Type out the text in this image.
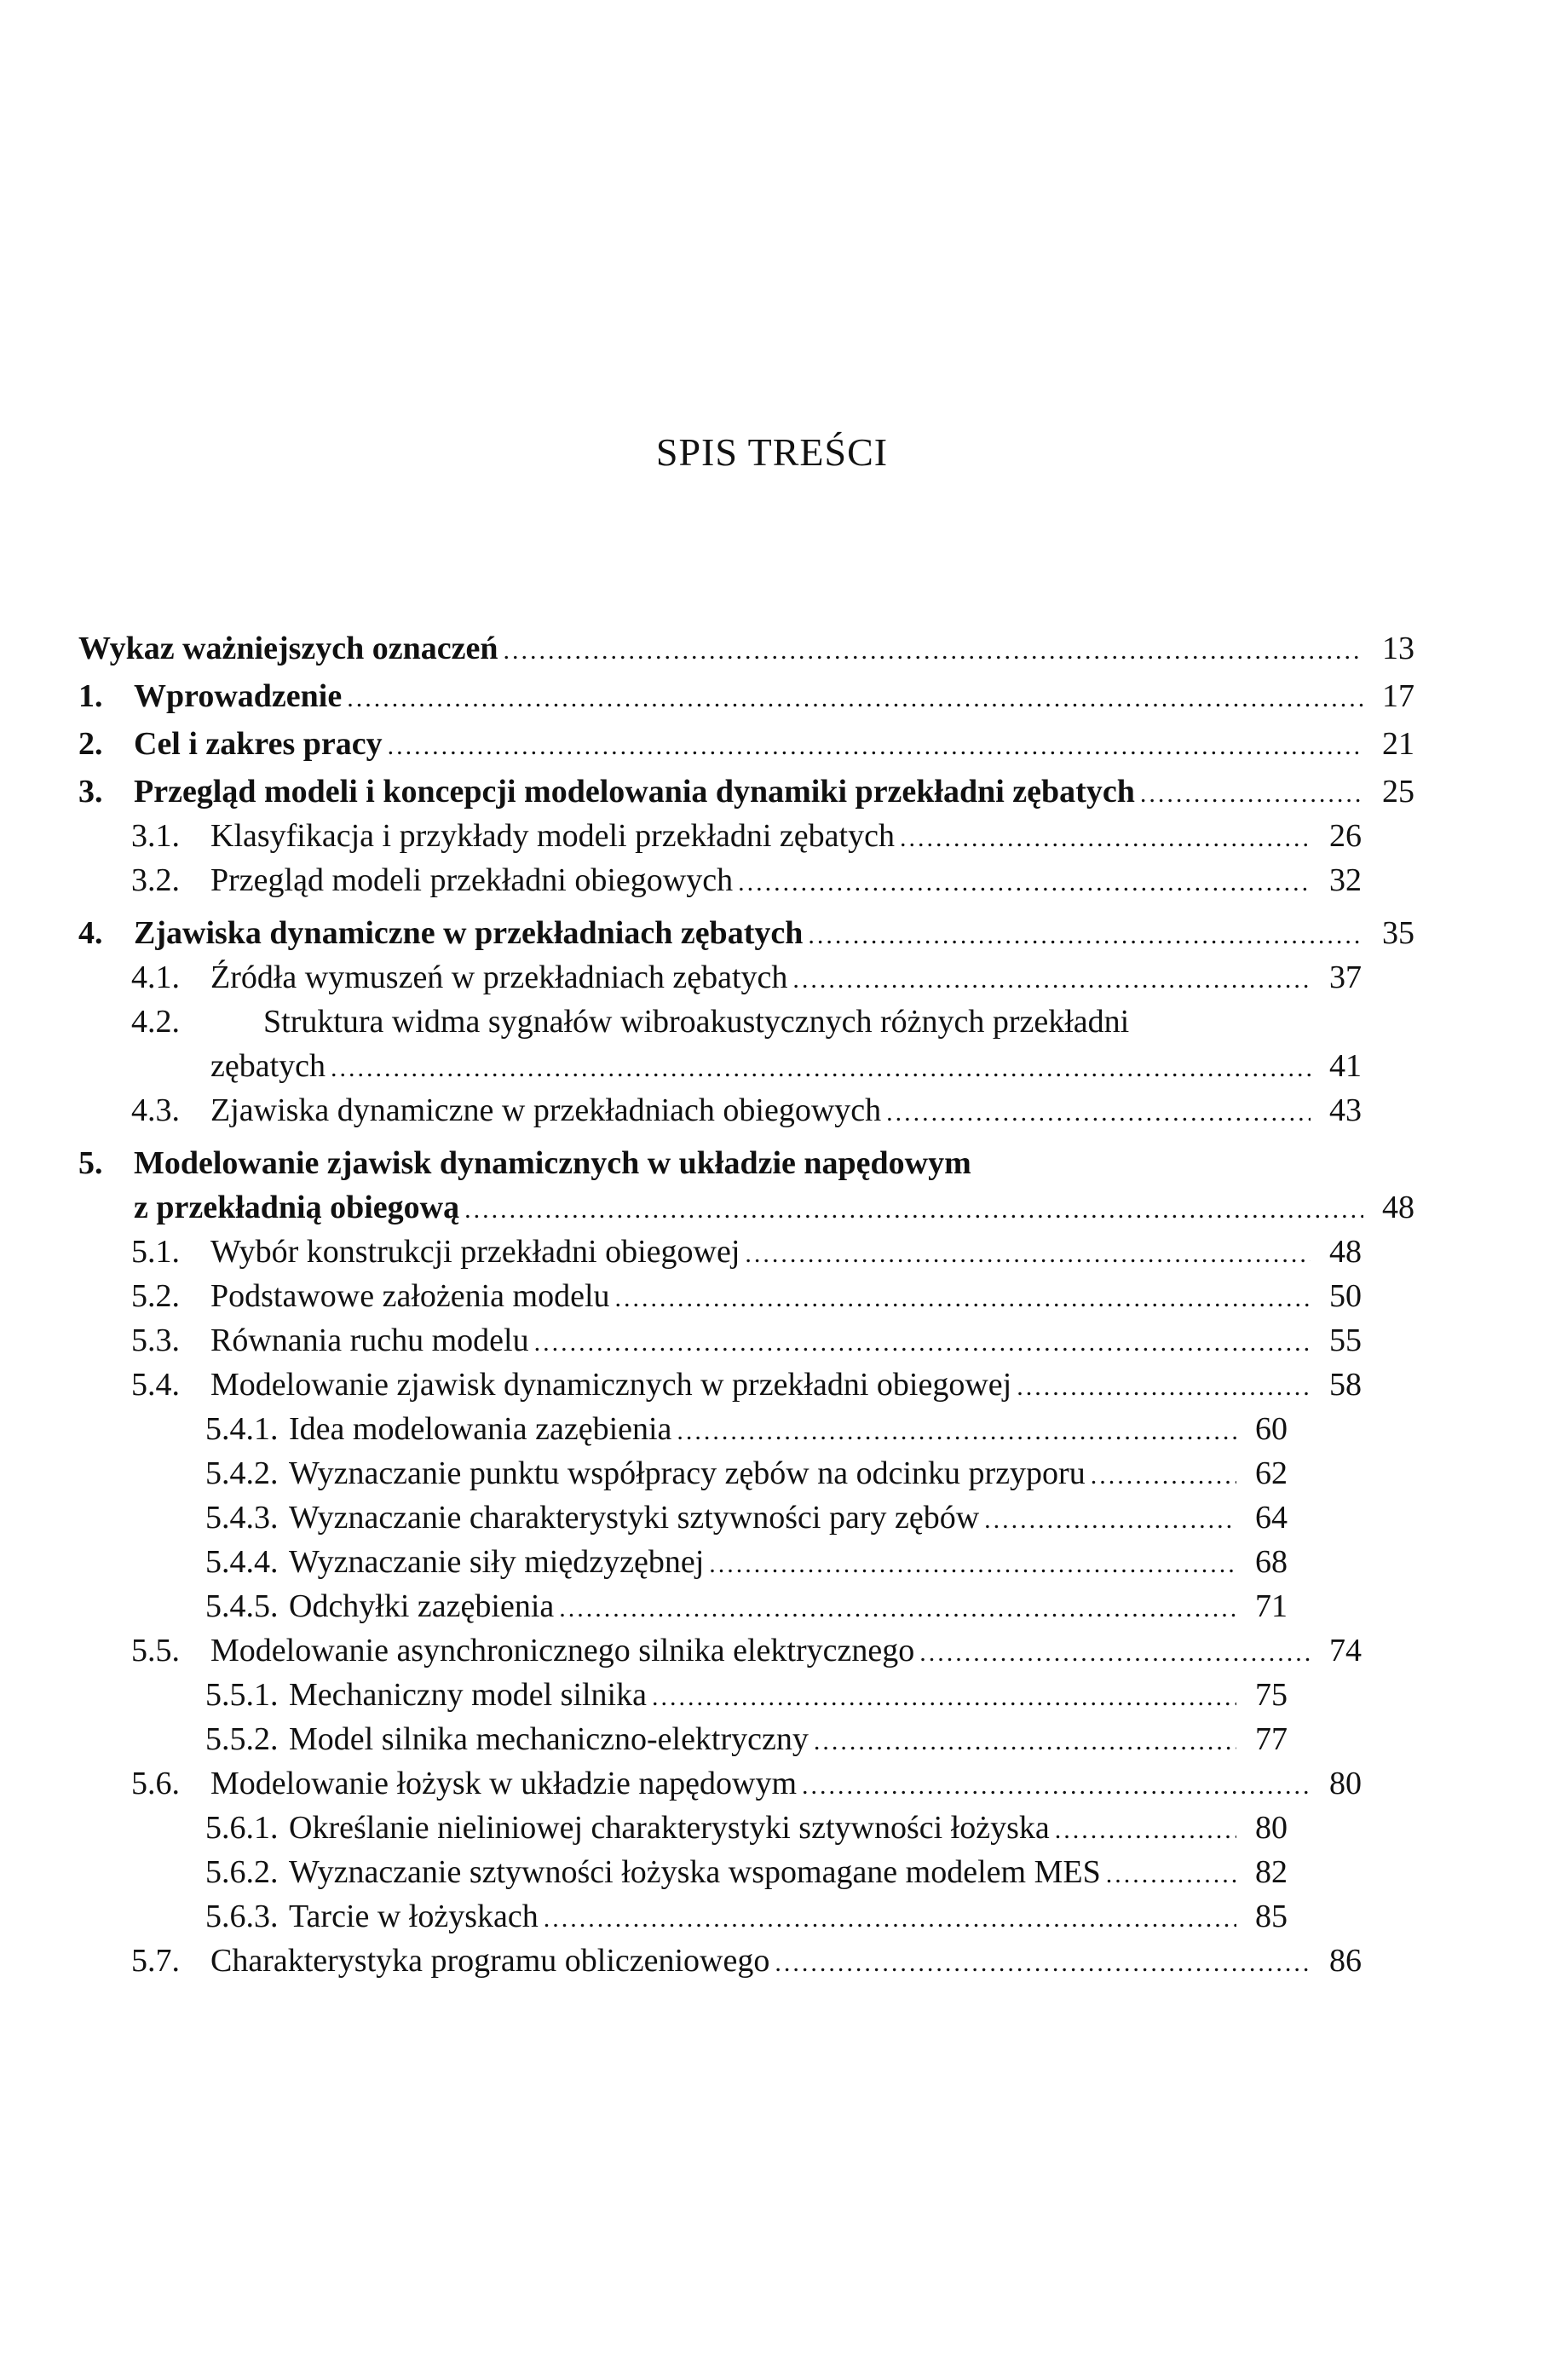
SPIS TREŚCI
Wykaz ważniejszych oznaczeń .....	13
1. Wprowadzenie .....	17
2. Cel i zakres pracy .....	21
3. Przegląd modeli i koncepcji modelowania dynamiki przekładni zębatych .....	25
3.1. Klasyfikacja i przykłady modeli przekładni zębatych .....	26
3.2. Przegląd modeli przekładni obiegowych .....	32
4. Zjawiska dynamiczne w przekładniach zębatych .....	35
4.1. Źródła wymuszeń w przekładniach zębatych .....	37
4.2.	Struktura widma sygnałów wibroakustycznych różnych przekładni
zębatych .....	41
4.3. Zjawiska dynamiczne w przekładniach obiegowych .....	43
5. Modelowanie zjawisk dynamicznych w układzie napędowym
z przekładnią obiegową .....	48
5.1. Wybór konstrukcji przekładni obiegowej .....	48
5.2. Podstawowe założenia modelu .....	50
5.3. Równania ruchu modelu .....	55
5.4. Modelowanie zjawisk dynamicznych w przekładni obiegowej .....	58
5.4.1. Idea modelowania zazębienia .....	60
5.4.2. Wyznaczanie punktu współpracy zębów na odcinku przyporu .....	62
5.4.3. Wyznaczanie charakterystyki sztywności pary zębów .....	64
5.4.4. Wyznaczanie siły międzyzębnej .....	68
5.4.5. Odchyłki zazębienia .....	71
5.5. Modelowanie asynchronicznego silnika elektrycznego .....	74
5.5.1. Mechaniczny model silnika .....	75
5.5.2. Model silnika mechaniczno-elektryczny .....	77
5.6. Modelowanie łożysk w układzie napędowym .....	80
5.6.1. Określanie nieliniowej charakterystyki sztywności łożyska .....	80
5.6.2. Wyznaczanie sztywności łożyska wspomagane modelem MES .....	82
5.6.3. Tarcie w łożyskach .....	85
5.7. Charakterystyka programu obliczeniowego .....	86
